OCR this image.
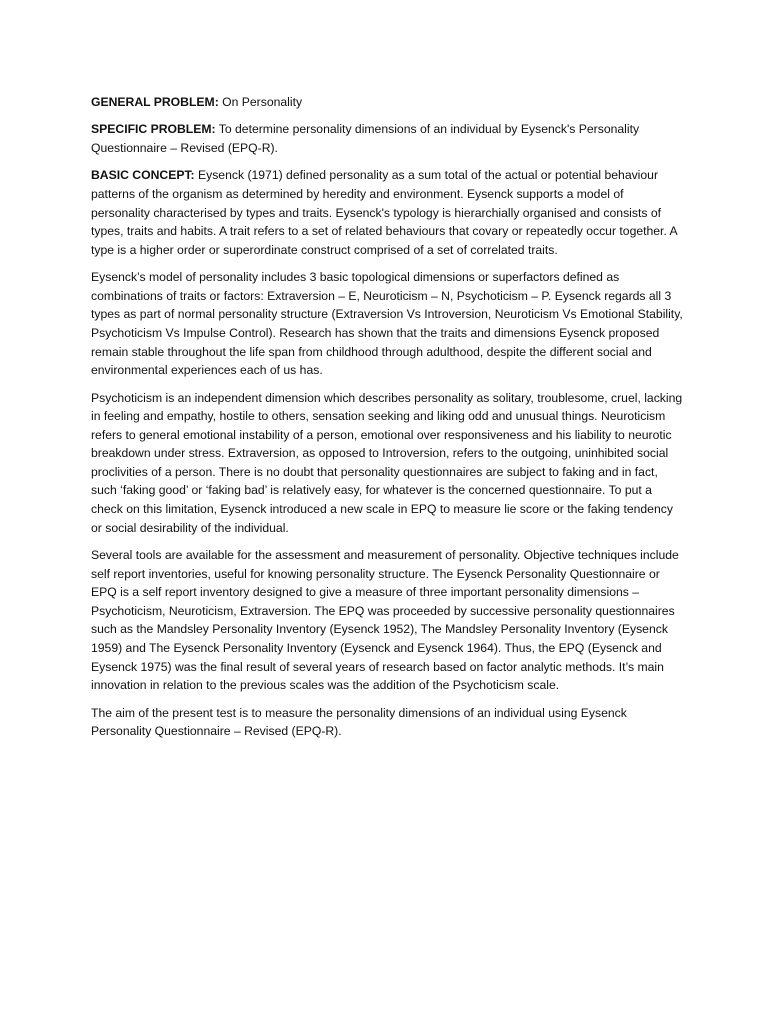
GENERAL PROBLEM: On Personality

SPECIFIC PROBLEM: To determine personality dimensions of an individual by Eysenck's Personality Questionnaire – Revised (EPQ-R).

BASIC CONCEPT: Eysenck (1971) defined personality as a sum total of the actual or potential behaviour patterns of the organism as determined by heredity and environment. Eysenck supports a model of personality characterised by types and traits. Eysenck's typology is hierarchially organised and consists of types, traits and habits. A trait refers to a set of related behaviours that covary or repeatedly occur together. A type is a higher order or superordinate construct comprised of a set of correlated traits.

Eysenck’s model of personality includes 3 basic topological dimensions or superfactors defined as combinations of traits or factors: Extraversion – E, Neuroticism – N, Psychoticism – P. Eysenck regards all 3 types as part of normal personality structure (Extraversion Vs Introversion, Neuroticism Vs Emotional Stability, Psychoticism Vs Impulse Control). Research has shown that the traits and dimensions Eysenck proposed remain stable throughout the life span from childhood through adulthood, despite the different social and environmental experiences each of us has.

Psychoticism is an independent dimension which describes personality as solitary, troublesome, cruel, lacking in feeling and empathy, hostile to others, sensation seeking and liking odd and unusual things. Neuroticism refers to general emotional instability of a person, emotional over responsiveness and his liability to neurotic breakdown under stress. Extraversion, as opposed to Introversion, refers to the outgoing, uninhibited social proclivities of a person. There is no doubt that personality questionnaires are subject to faking and in fact, such ‘faking good’ or ‘faking bad’ is relatively easy, for whatever is the concerned questionnaire. To put a check on this limitation, Eysenck introduced a new scale in EPQ to measure lie score or the faking tendency or social desirability of the individual.

Several tools are available for the assessment and measurement of personality. Objective techniques include self report inventories, useful for knowing personality structure. The Eysenck Personality Questionnaire or EPQ is a self report inventory designed to give a measure of three important personality dimensions – Psychoticism, Neuroticism, Extraversion. The EPQ was proceeded by successive personality questionnaires such as the Mandsley Personality Inventory (Eysenck 1952), The Mandsley Personality Inventory (Eysenck 1959) and The Eysenck Personality Inventory (Eysenck and Eysenck 1964). Thus, the EPQ (Eysenck and Eysenck 1975) was the final result of several years of research based on factor analytic methods. It’s main innovation in relation to the previous scales was the addition of the Psychoticism scale.

The aim of the present test is to measure the personality dimensions of an individual using Eysenck Personality Questionnaire – Revised (EPQ-R).
